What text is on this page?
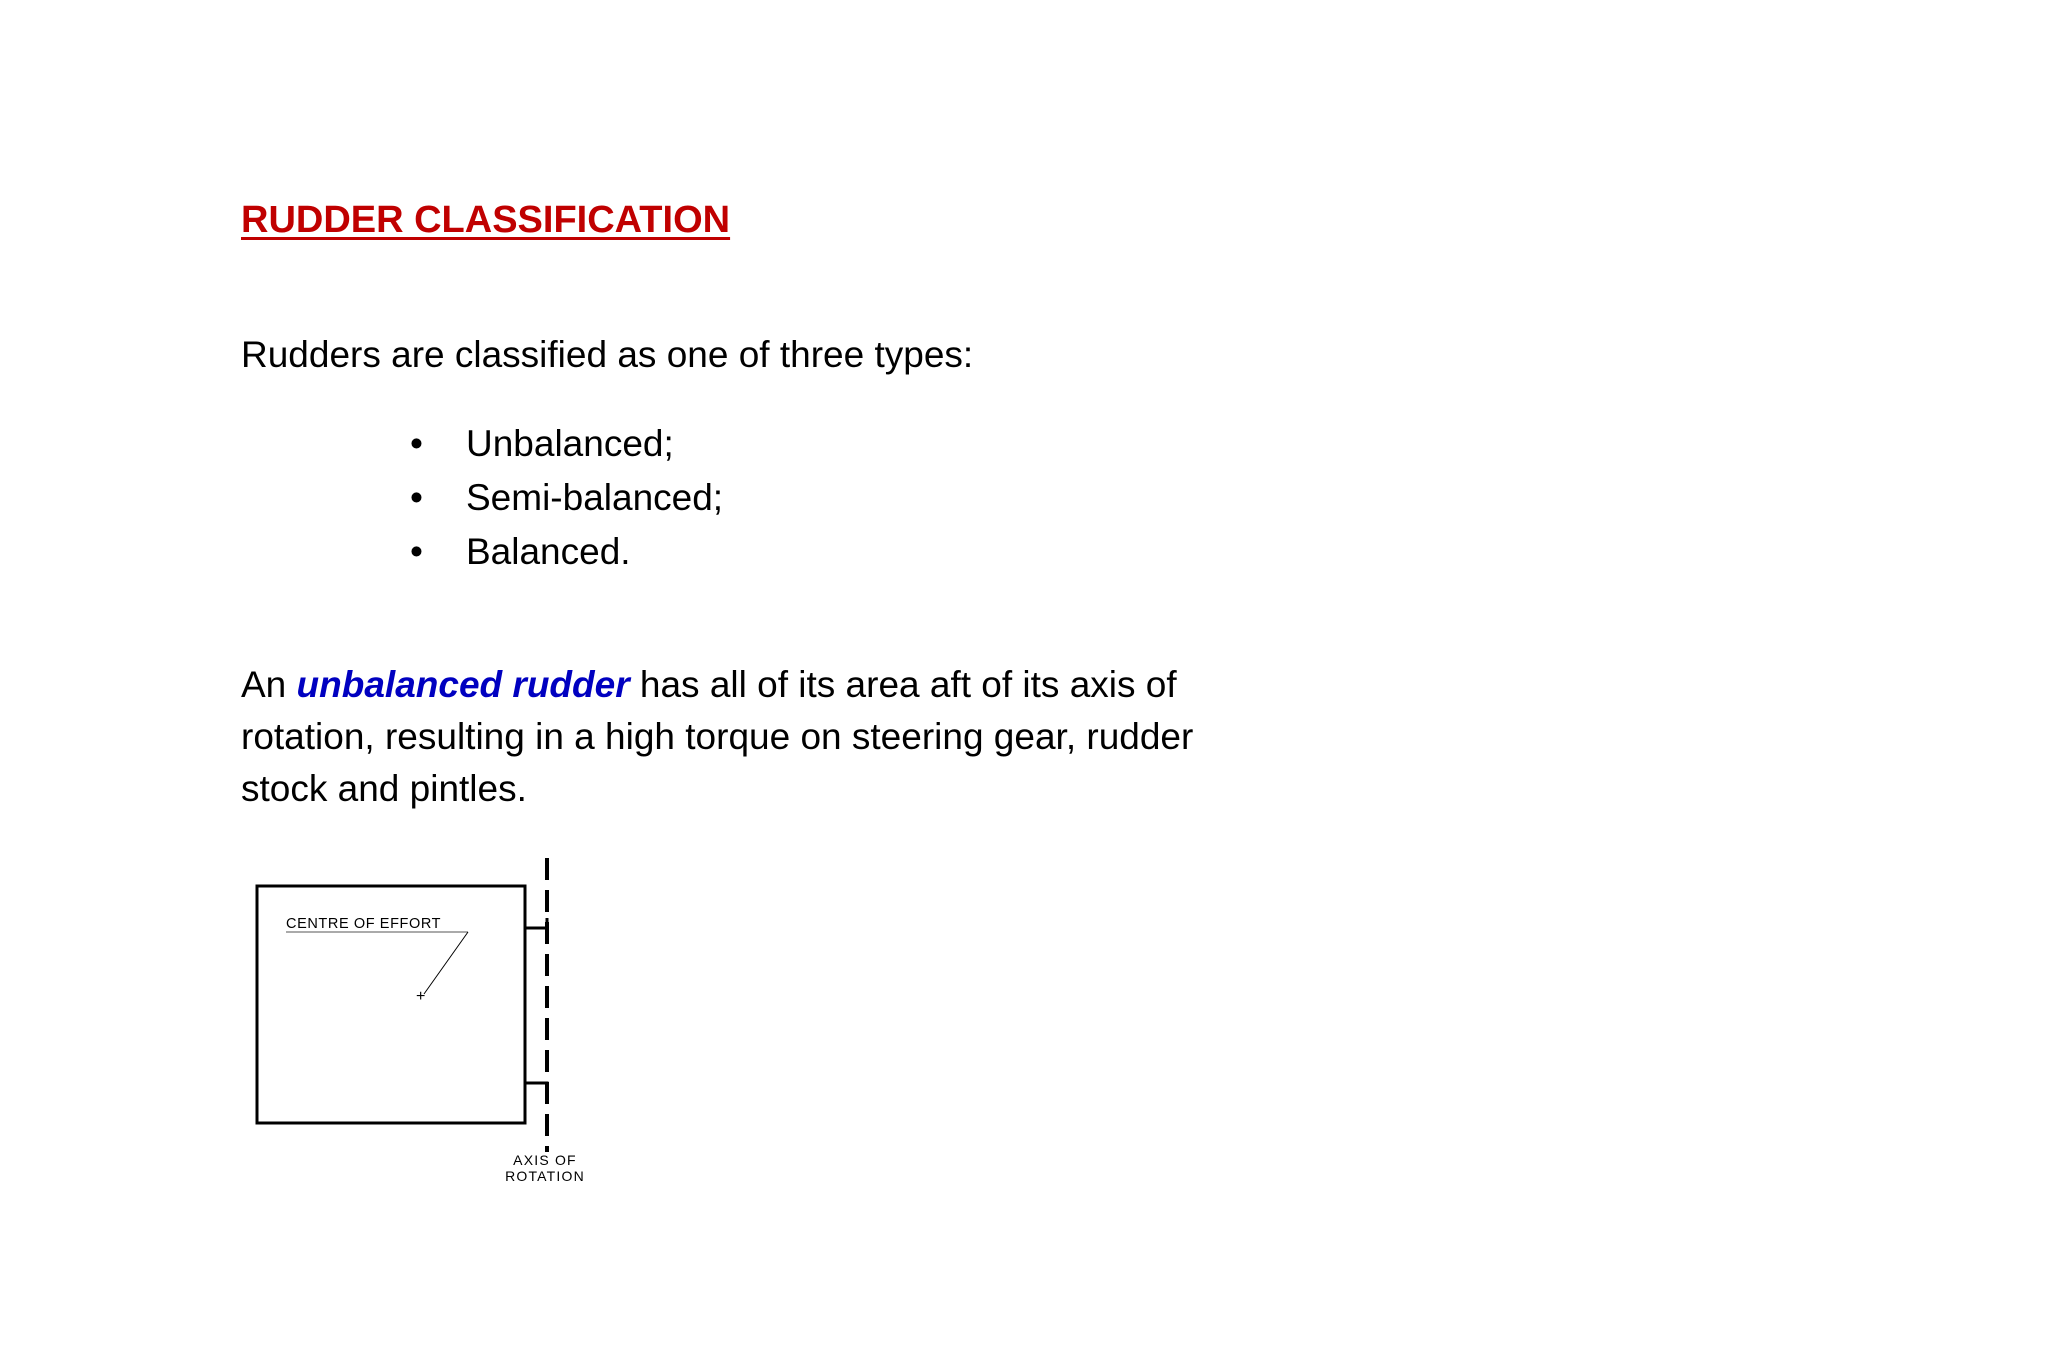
RUDDER CLASSIFICATION

Rudders are classified as one of three types:

• Unbalanced;
• Semi-balanced;
• Balanced.

An unbalanced rudder has all of its area aft of its axis of rotation, resulting in a high torque on steering gear, rudder stock and pintles.

CENTRE OF EFFORT
+
AXIS OF
ROTATION
